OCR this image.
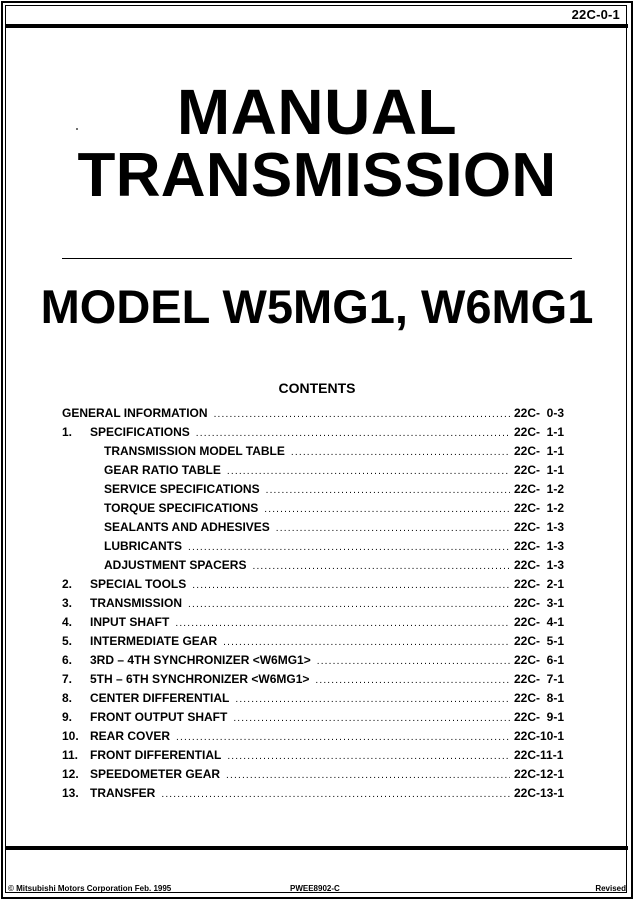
22C-0-1
MANUAL
TRANSMISSION
MODEL W5MG1, W6MG1
CONTENTS
GENERAL INFORMATION .....	22C-  0-3
1.	SPECIFICATIONS .....	22C-  1-1
TRANSMISSION MODEL TABLE .....	22C-  1-1
GEAR RATIO TABLE .....	22C-  1-1
SERVICE SPECIFICATIONS .....	22C-  1-2
TORQUE SPECIFICATIONS .....	22C-  1-2
SEALANTS AND ADHESIVES .....	22C-  1-3
LUBRICANTS .....	22C-  1-3
ADJUSTMENT SPACERS .....	22C-  1-3
2.	SPECIAL TOOLS .....	22C-  2-1
3.	TRANSMISSION .....	22C-  3-1
4.	INPUT SHAFT .....	22C-  4-1
5.	INTERMEDIATE GEAR .....	22C-  5-1
6.	3RD – 4TH SYNCHRONIZER <W6MG1> .....	22C-  6-1
7.	5TH – 6TH SYNCHRONIZER <W6MG1> .....	22C-  7-1
8.	CENTER DIFFERENTIAL .....	22C-  8-1
9.	FRONT OUTPUT SHAFT .....	22C-  9-1
10. REAR COVER .....	22C-10-1
11. FRONT DIFFERENTIAL .....	22C-11-1
12. SPEEDOMETER GEAR .....	22C-12-1
13. TRANSFER .....	22C-13-1
© Mitsubishi Motors Corporation Feb. 1995	PWEE8902-C	Revised
